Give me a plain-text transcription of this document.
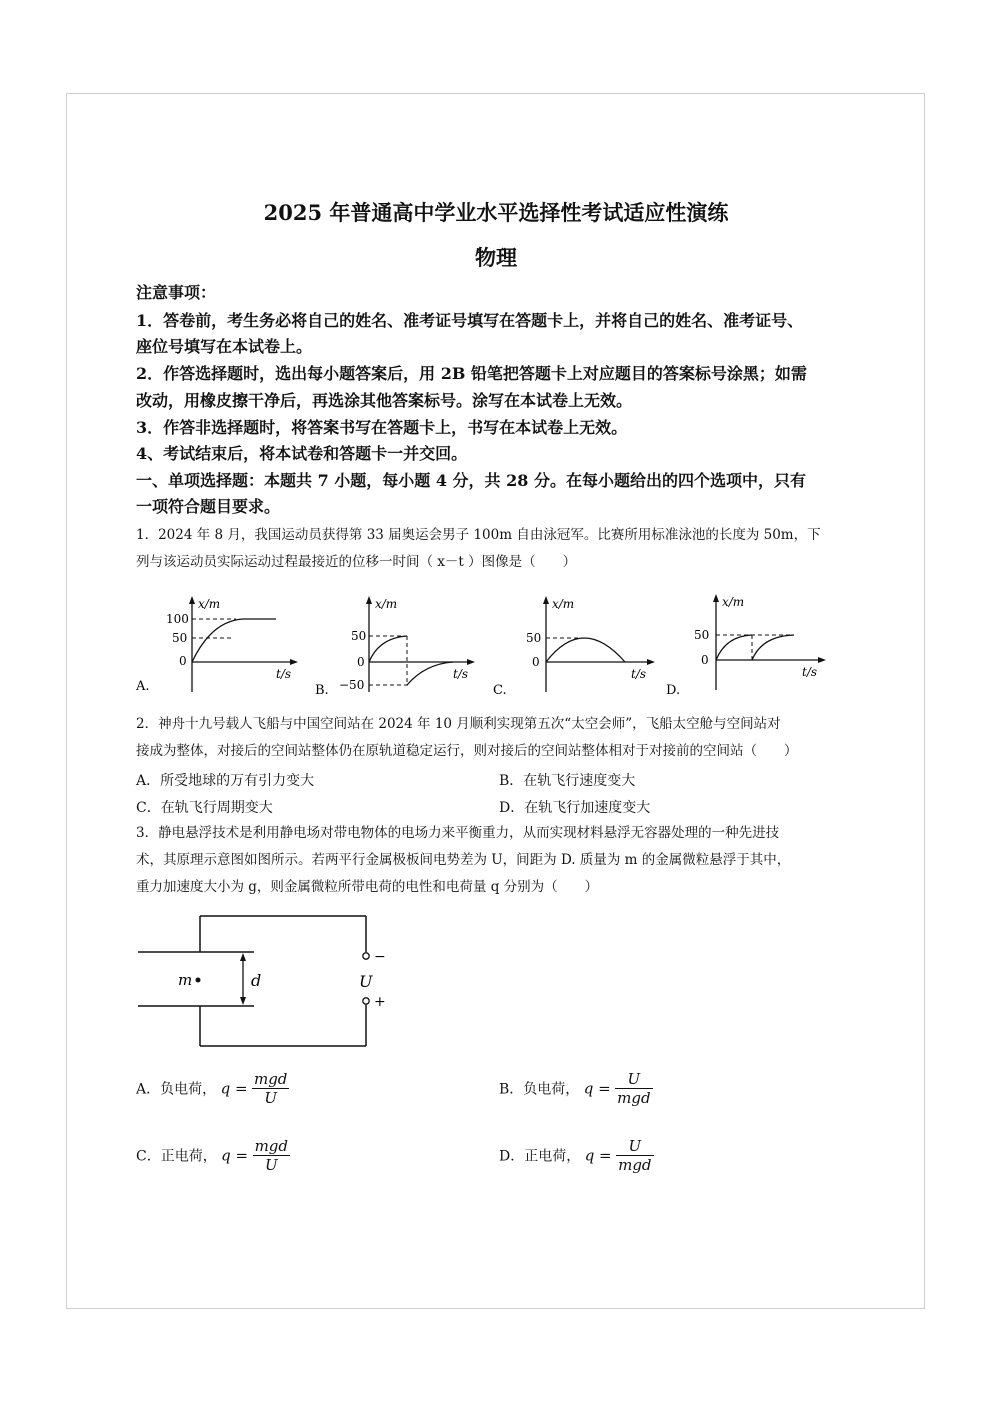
2025 年普通高中学业水平选择性考试适应性演练
物理
注意事项：
1．答卷前，考生务必将自己的姓名、准考证号填写在答题卡上，并将自己的姓名、准考证号、
座位号填写在本试卷上。
2．作答选择题时，选出每小题答案后，用 2B 铅笔把答题卡上对应题目的答案标号涂黑；如需
改动，用橡皮擦干净后，再选涂其他答案标号。涂写在本试卷上无效。
3．作答非选择题时，将答案书写在答题卡上，书写在本试卷上无效。
4、考试结束后，将本试卷和答题卡一并交回。
一、单项选择题：本题共 7 小题，每小题 4 分，共 28 分。在每小题给出的四个选项中，只有
一项符合题目要求。
1．2024 年 8 月，我国运动员获得第 33 届奥运会男子 100m 自由泳冠军。比赛所用标准泳池的长度为 50m，下
列与该运动员实际运动过程最接近的位移一时间（ x－t ）图像是（　　）
A.
x/m
t/s
100
50
0
B.
x/m
t/s
50
0
−50	C.
x/m
t/s
50
0
D.
x/m
t/s
50
0
2．神舟十九号载人飞船与中国空间站在 2024 年 10 月顺利实现第五次“太空会师”，飞船太空舱与空间站对
接成为整体，对接后的空间站整体仍在原轨道稳定运行，则对接后的空间站整体相对于对接前的空间站（　　）
A．所受地球的万有引力变大	B．在轨飞行速度变大
C．在轨飞行周期变大	D．在轨飞行加速度变大
3．静电悬浮技术是利用静电场对带电物体的电场力来平衡重力，从而实现材料悬浮无容器处理的一种先进技
术，其原理示意图如图所示。若两平行金属极板间电势差为 U，间距为 D. 质量为 m 的金属微粒悬浮于其中，
重力加速度大小为 g，则金属微粒所带电荷的电性和电荷量 q 分别为（　　）
m	d	U
−
+
A．负电荷， $q = \frac{\text{mgd}}{U}$	B．负电荷， $q = \frac{U}{\text{mgd}}$
C．正电荷， $q = \frac{\text{mgd}}{U}$	D．正电荷， $q = \frac{U}{\text{mgd}}$
